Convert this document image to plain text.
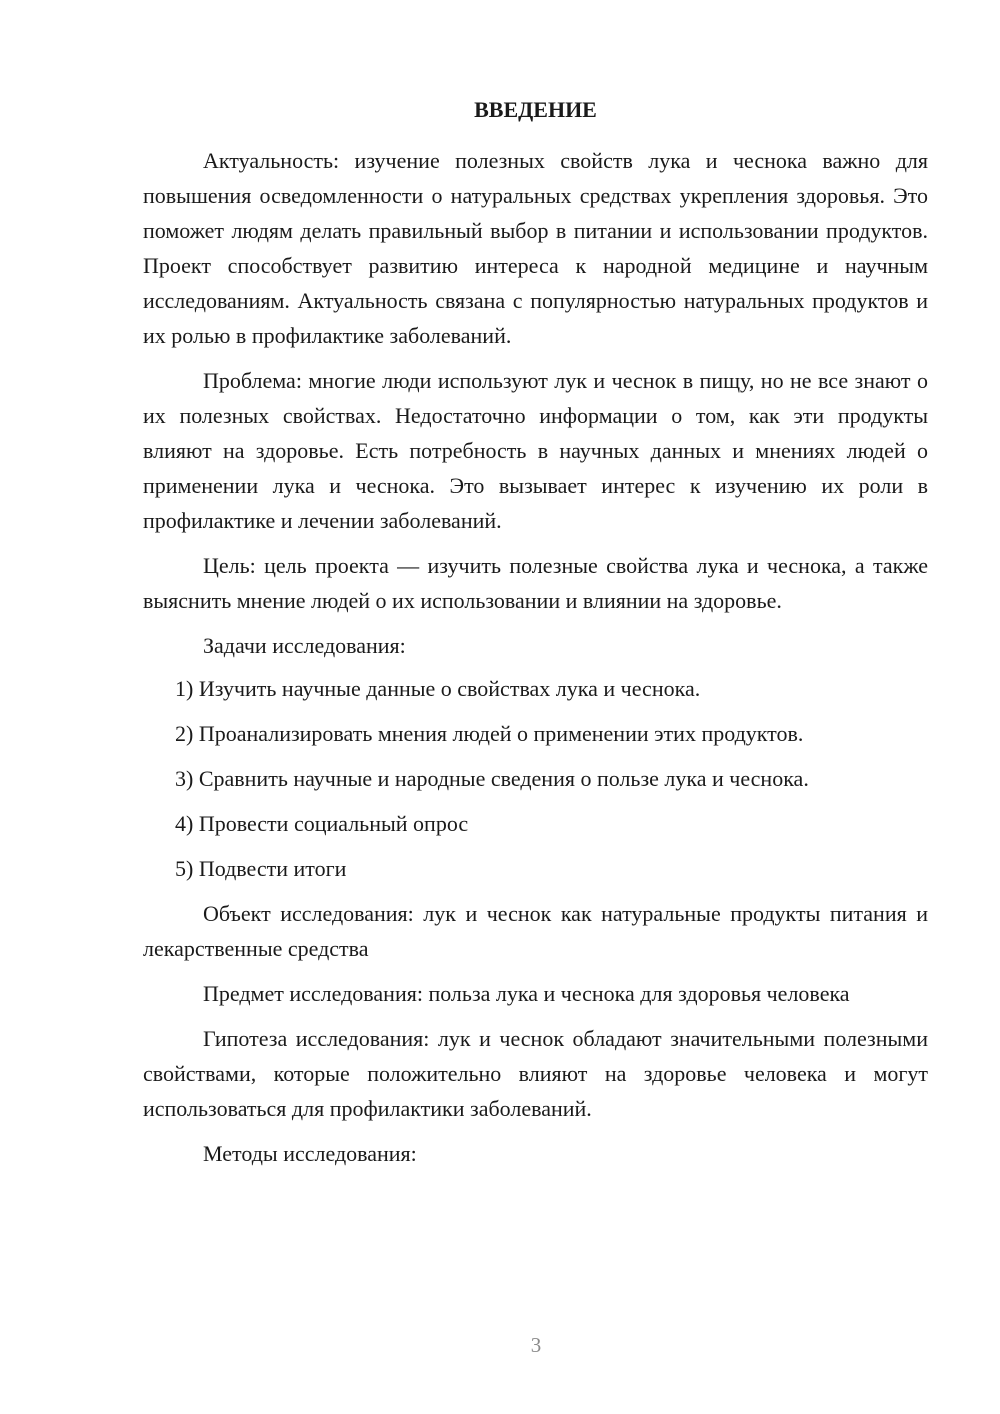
ВВЕДЕНИЕ

Актуальность: изучение полезных свойств лука и чеснока важно для повышения осведомленности о натуральных средствах укрепления здоровья. Это поможет людям делать правильный выбор в питании и использовании продуктов. Проект способствует развитию интереса к народной медицине и научным исследованиям. Актуальность связана с популярностью натуральных продуктов и их ролью в профилактике заболеваний.

Проблема: многие люди используют лук и чеснок в пищу, но не все знают о их полезных свойствах. Недостаточно информации о том, как эти продукты влияют на здоровье. Есть потребность в научных данных и мнениях людей о применении лука и чеснока. Это вызывает интерес к изучению их роли в профилактике и лечении заболеваний.

Цель: цель проекта — изучить полезные свойства лука и чеснока, а также выяснить мнение людей о их использовании и влиянии на здоровье.

Задачи исследования:

1) Изучить научные данные о свойствах лука и чеснока.
2) Проанализировать мнения людей о применении этих продуктов.
3) Сравнить научные и народные сведения о пользе лука и чеснока.
4) Провести социальный опрос
5) Подвести итоги

Объект исследования: лук и чеснок как натуральные продукты питания и лекарственные средства

Предмет исследования: польза лука и чеснока для здоровья человека

Гипотеза исследования: лук и чеснок обладают значительными полезными свойствами, которые положительно влияют на здоровье человека и могут использоваться для профилактики заболеваний.

Методы исследования:

3
